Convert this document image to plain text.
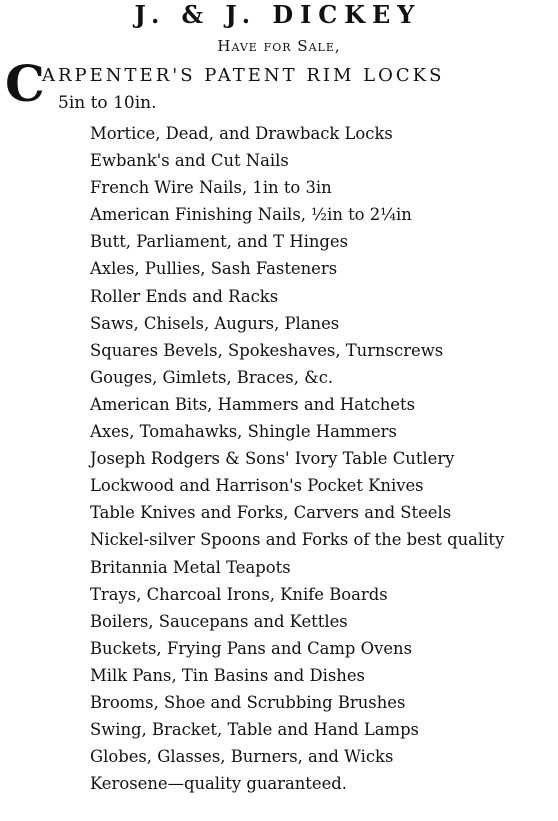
J. & J. DICKEY
Have for Sale,
C
ARPENTER'S PATENT RIM LOCKS
5in to 10in.
Mortice, Dead, and Drawback Locks
Ewbank's and Cut Nails
French Wire Nails, 1in to 3in
American Finishing Nails, ½in to 2¼in
Butt, Parliament, and T Hinges
Axles, Pullies, Sash Fasteners
Roller Ends and Racks
Saws, Chisels, Augurs, Planes
Squares Bevels, Spokeshaves, Turnscrews
Gouges, Gimlets, Braces, &c.
American Bits, Hammers and Hatchets
Axes, Tomahawks, Shingle Hammers
Joseph Rodgers & Sons' Ivory Table Cutlery
Lockwood and Harrison's Pocket Knives
Table Knives and Forks, Carvers and Steels
Nickel-silver Spoons and Forks of the best quality
Britannia Metal Teapots
Trays, Charcoal Irons, Knife Boards
Boilers, Saucepans and Kettles
Buckets, Frying Pans and Camp Ovens
Milk Pans, Tin Basins and Dishes
Brooms, Shoe and Scrubbing Brushes
Swing, Bracket, Table and Hand Lamps
Globes, Glasses, Burners, and Wicks
Kerosene—quality guaranteed.
